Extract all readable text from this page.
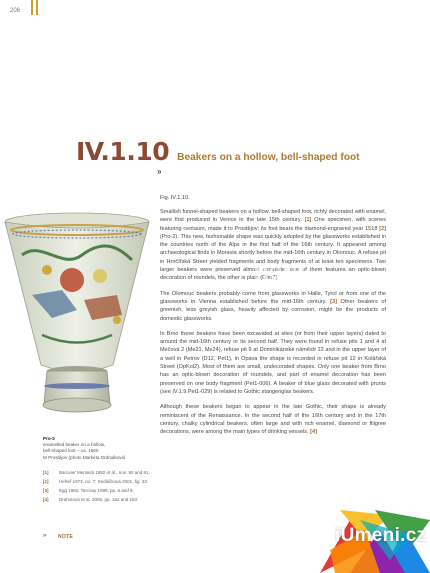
206
IV.1.10 Beakers on a hollow, bell-shaped foot
»
Fig. IV.1.10.

Smallish funnel-shaped beakers on a hollow, bell-shaped foot, richly decorated with enamel, were first produced in Venice in the late 15th century. [1] One specimen, with scenes featuring centaurs, made it to Prostějov; its foot bears the diamond-engraved year 1518 [2] (Pro-2). This new, fashionable shape was quickly adopted by the glassworks established in the countries north of the Alps in the first half of the 16th century. It appeared among archaeological finds in Moravia shortly before the mid-16th century in Olomouc. A refuse pit in Hrnčířská Street yielded fragments and body fragments of at least ten specimens. Two larger beakers were preserved almost complete; one of them features an optic-blown decoration of roundels, the other is plain (Olm7).

The Olomouc beakers probably come from glassworks in Halle, Tyrol or from one of the glassworks in Vienna established before the mid-16th century. [3] Other beakers of greenish, less greyish glass, heavily affected by corrosion, might be the products of domestic glassworks.

In Brno these beakers have been excavated at sites (or from their upper layers) dated to around the mid-16th century or its second half. They were found in refuse pits 1 and 4 at Mečová 2 (Me21, Me24), refuse pit 9 at Dominikánské náměstí 12 and in the upper layer of a well in Petrov (D12, Pet1), in Opava the shape is recorded in refuse pit 12 in Kolářská Street (OpKol2). Most of them are small, undecorated shapes. Only one beaker from Brno has an optic-blown decoration of roundels, and part of enamel decoration has been preserved on one body fragment (Pet1-006). A beaker of blue glass decorated with prunts (see IV.1.9 Pet1-029) is related to Gothic stangenglas beakers.

Although these beakers began to appear in the late Gothic, their shape is already reminiscent of the Renaissance. In the second half of the 16th century and in the 17th century, chalky cylindrical beakers, often large and with rich enamel, diamond or filigree decorations, were among the main types of drinking vessels. [4]

nery
Pro-2
enamelled beaker on a hollow,
bell-shaped foot – ca. 1500
M Prostějov (photo Markéta Drdnulková)
[1] Barovier Mentasti 1982 et al., nos. 90 and 91.
[2] Heřteľ 1973, no. 7; Sedláčková 2001, fig. 33.
[3] Egg 1962; Tarcsay 1999, pp. 8 and 9.
[4] Drahotová et al. 2005, pp. 162 and 163.
» NOTE	iUmeni.cz
